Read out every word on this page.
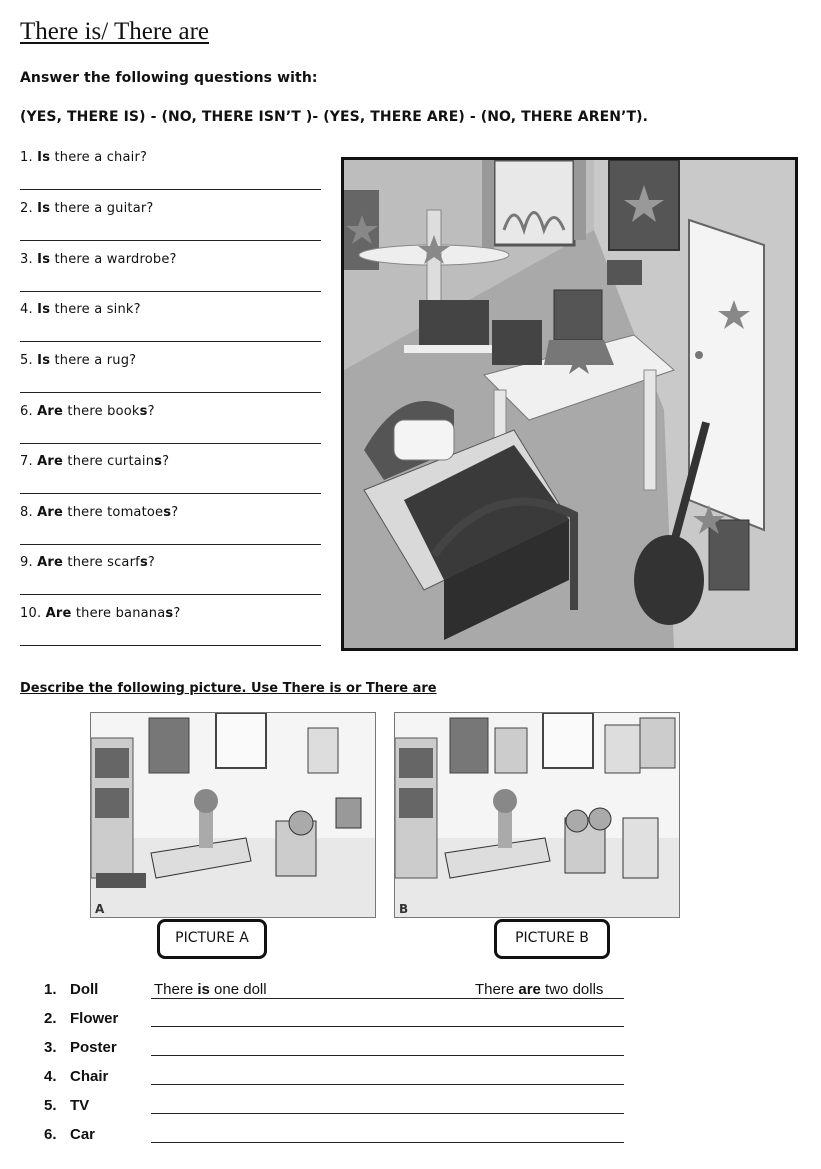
There is/ There are
Answer the following questions with:
(YES, THERE IS) - (NO, THERE ISN’T )- (YES, THERE ARE) - (NO, THERE AREN’T).
1. Is there a chair?
2. Is there a guitar?
3. Is there a wardrobe?
4. Is there a sink?
5. Is there a rug?
6. Are there books?
7. Are there curtains?
8. Are there tomatoes?
9. Are there scarfs?
10. Are there bananas?
Describe the following picture. Use There is or There are
A	B
PICTURE A	PICTURE B
1. Doll	There is one doll	There are two dolls
2. Flower
3. Poster
4. Chair
5. TV
6. Car
